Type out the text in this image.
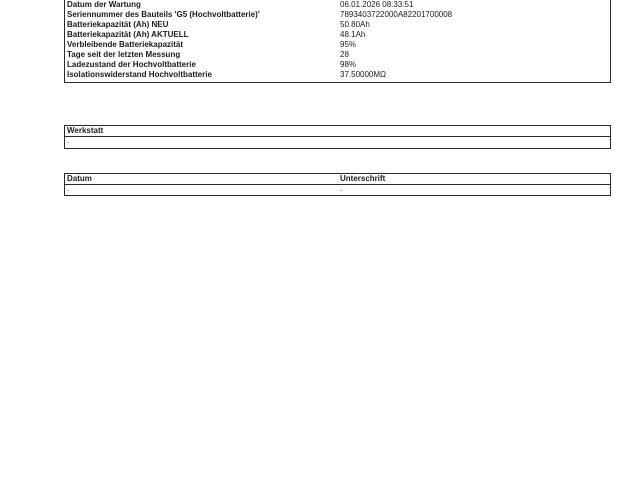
Datum der Wartung	06.01.2026 08:33:51
Seriennummer des Bauteils 'G5 (Hochvoltbatterie)'	7893403722000A82201700008
Batteriekapazität (Ah) NEU	50.80Ah
Batteriekapazität (Ah) AKTUELL	48.1Ah
Verbleibende Batteriekapazität	95%
Tage seit der letzten Messung	28
Ladezustand der Hochvoltbatterie	98%
Isolationswiderstand Hochvoltbatterie	37.50000MΩ
Werkstatt
.
Datum	Unterschrift
.	.
